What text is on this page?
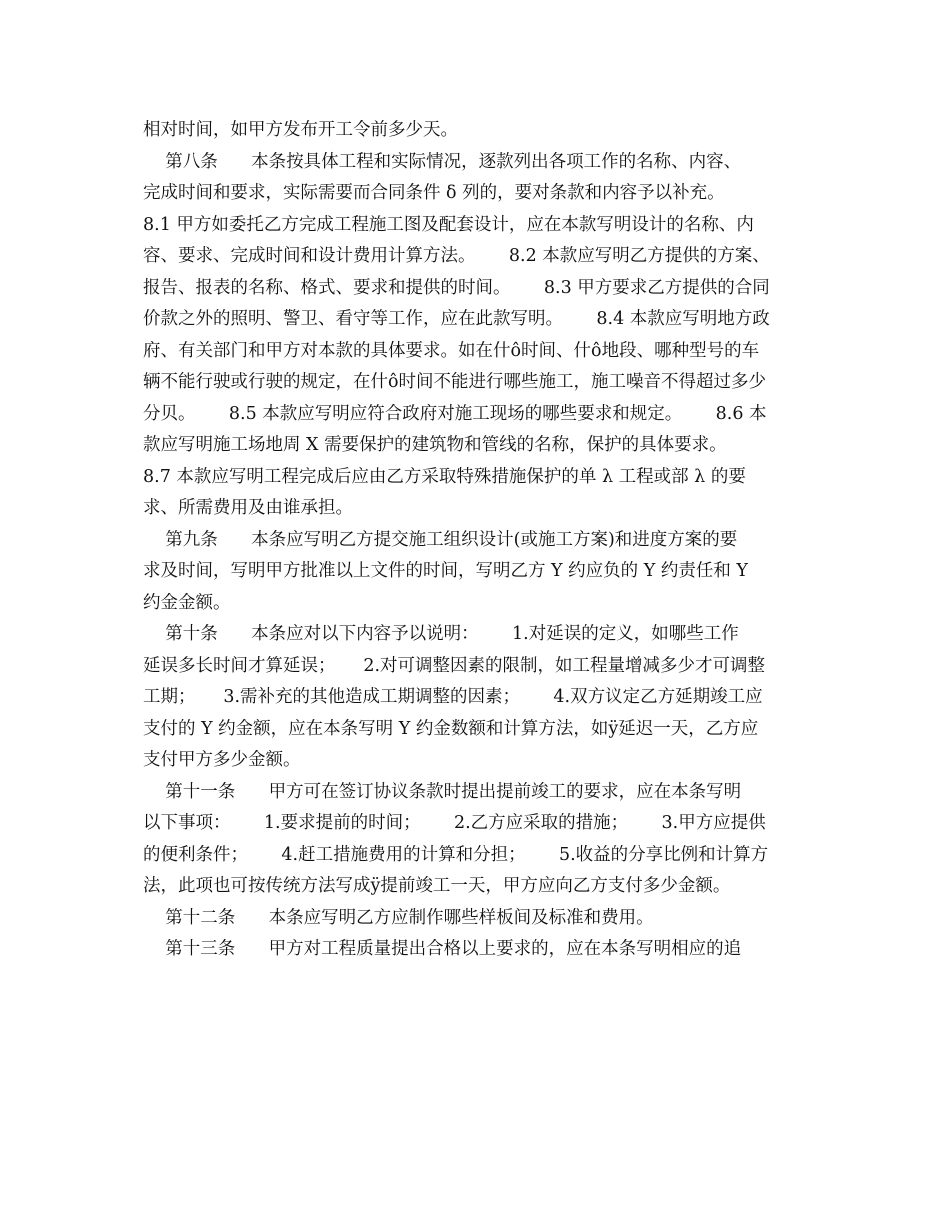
相对时间，如甲方发布开工令前多少天。
第八条      本条按具体工程和实际情况，逐款列出各项工作的名称、内容、
完成时间和要求，实际需要而合同条件 δ 列的，要对条款和内容予以补充。
8.1 甲方如委托乙方完成工程施工图及配套设计，应在本款写明设计的名称、内
容、要求、完成时间和设计费用计算方法。      8.2 本款应写明乙方提供的方案、
报告、报表的名称、格式、要求和提供的时间。      8.3 甲方要求乙方提供的合同
价款之外的照明、警卫、看守等工作，应在此款写明。      8.4 本款应写明地方政
府、有关部门和甲方对本款的具体要求。如在什ô时间、什ô地段、哪种型号的车
辆不能行驶或行驶的规定，在什ô时间不能进行哪些施工，施工噪音不得超过多少
分贝。      8.5 本款应写明应符合政府对施工现场的哪些要求和规定。      8.6 本
款应写明施工场地周 X 需要保护的建筑物和管线的名称，保护的具体要求。
8.7 本款应写明工程完成后应由乙方采取特殊措施保护的单 λ 工程或部 λ 的要
求、所需费用及由谁承担。
第九条      本条应写明乙方提交施工组织设计(或施工方案)和进度方案的要
求及时间，写明甲方批准以上文件的时间，写明乙方 Υ 约应负的 Υ 约责任和 Υ
约金金额。
第十条      本条应对以下内容予以说明：      1.对延误的定义，如哪些工作
延误多长时间才算延误；     2.对可调整因素的限制，如工程量增减多少才可调整
工期；     3.需补充的其他造成工期调整的因素；      4.双方议定乙方延期竣工应
支付的 Υ 约金额，应在本条写明 Υ 约金数额和计算方法，如ÿ延迟一天，乙方应
支付甲方多少金额。
第十一条      甲方可在签订协议条款时提出提前竣工的要求，应在本条写明
以下事项：      1.要求提前的时间；      2.乙方应采取的措施；      3.甲方应提供
的便利条件；      4.赶工措施费用的计算和分担；      5.收益的分享比例和计算方
法，此项也可按传统方法写成ÿ提前竣工一天，甲方应向乙方支付多少金额。
第十二条      本条应写明乙方应制作哪些样板间及标准和费用。
第十三条      甲方对工程质量提出合格以上要求的，应在本条写明相应的追
